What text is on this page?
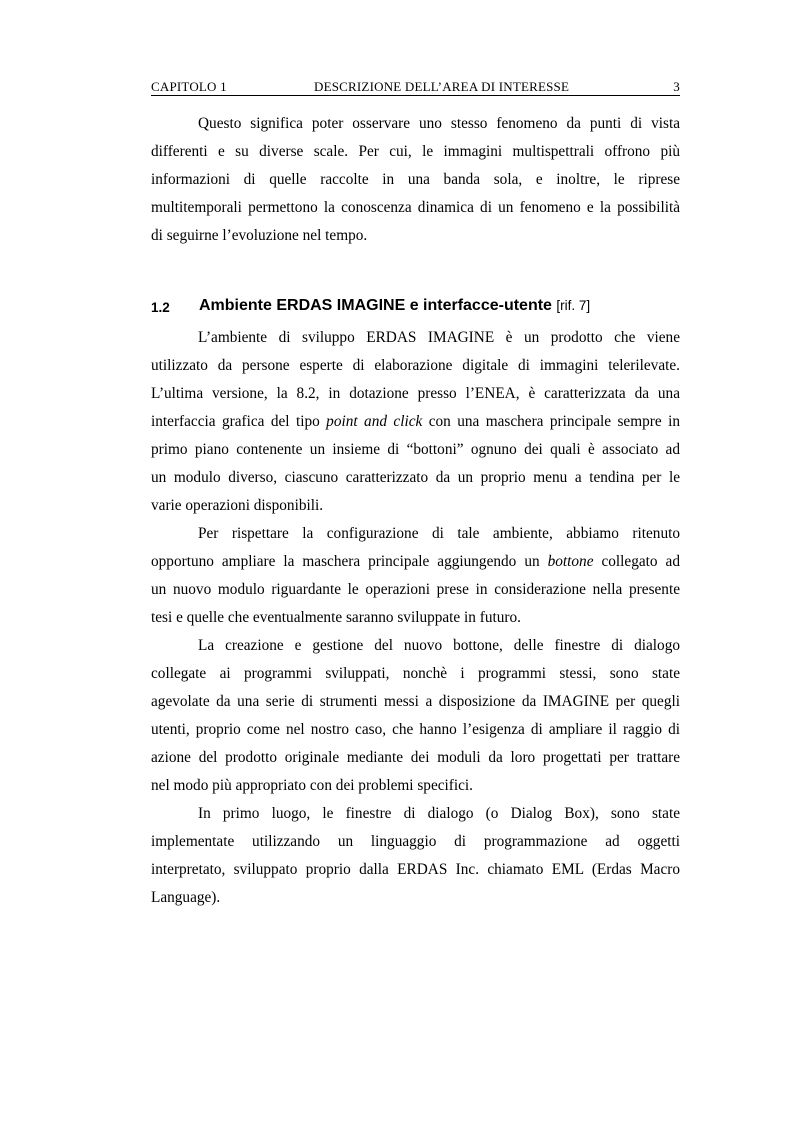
CAPITOLO 1	DESCRIZIONE DELL’AREA DI INTERESSE	3

Questo significa poter osservare uno stesso fenomeno da punti di vista
differenti e su diverse scale. Per cui, le immagini multispettrali offrono più
informazioni di quelle raccolte in una banda sola, e inoltre, le riprese
multitemporali permettono la conoscenza dinamica di un fenomeno e la possibilità
di seguirne l’evoluzione nel tempo.

1.2 Ambiente ERDAS IMAGINE e interfacce-utente [rif. 7]

L’ambiente di sviluppo ERDAS IMAGINE è un prodotto che viene
utilizzato da persone esperte di elaborazione digitale di immagini telerilevate.
L’ultima versione, la 8.2, in dotazione presso l’ENEA, è caratterizzata da una
interfaccia grafica del tipo point and click con una maschera principale sempre in
primo piano contenente un insieme di “bottoni” ognuno dei quali è associato ad
un modulo diverso, ciascuno caratterizzato da un proprio menu a tendina per le
varie operazioni disponibili.

Per rispettare la configurazione di tale ambiente, abbiamo ritenuto
opportuno ampliare la maschera principale aggiungendo un bottone collegato ad
un nuovo modulo riguardante le operazioni prese in considerazione nella presente
tesi e quelle che eventualmente saranno sviluppate in futuro.

La creazione e gestione del nuovo bottone, delle finestre di dialogo
collegate ai programmi sviluppati, nonchè i programmi stessi, sono state
agevolate da una serie di strumenti messi a disposizione da IMAGINE per quegli
utenti, proprio come nel nostro caso, che hanno l’esigenza di ampliare il raggio di
azione del prodotto originale mediante dei moduli da loro progettati per trattare
nel modo più appropriato con dei problemi specifici.

In primo luogo, le finestre di dialogo (o Dialog Box), sono state
implementate utilizzando un linguaggio di programmazione ad oggetti
interpretato, sviluppato proprio dalla ERDAS Inc. chiamato EML (Erdas Macro
Language).
